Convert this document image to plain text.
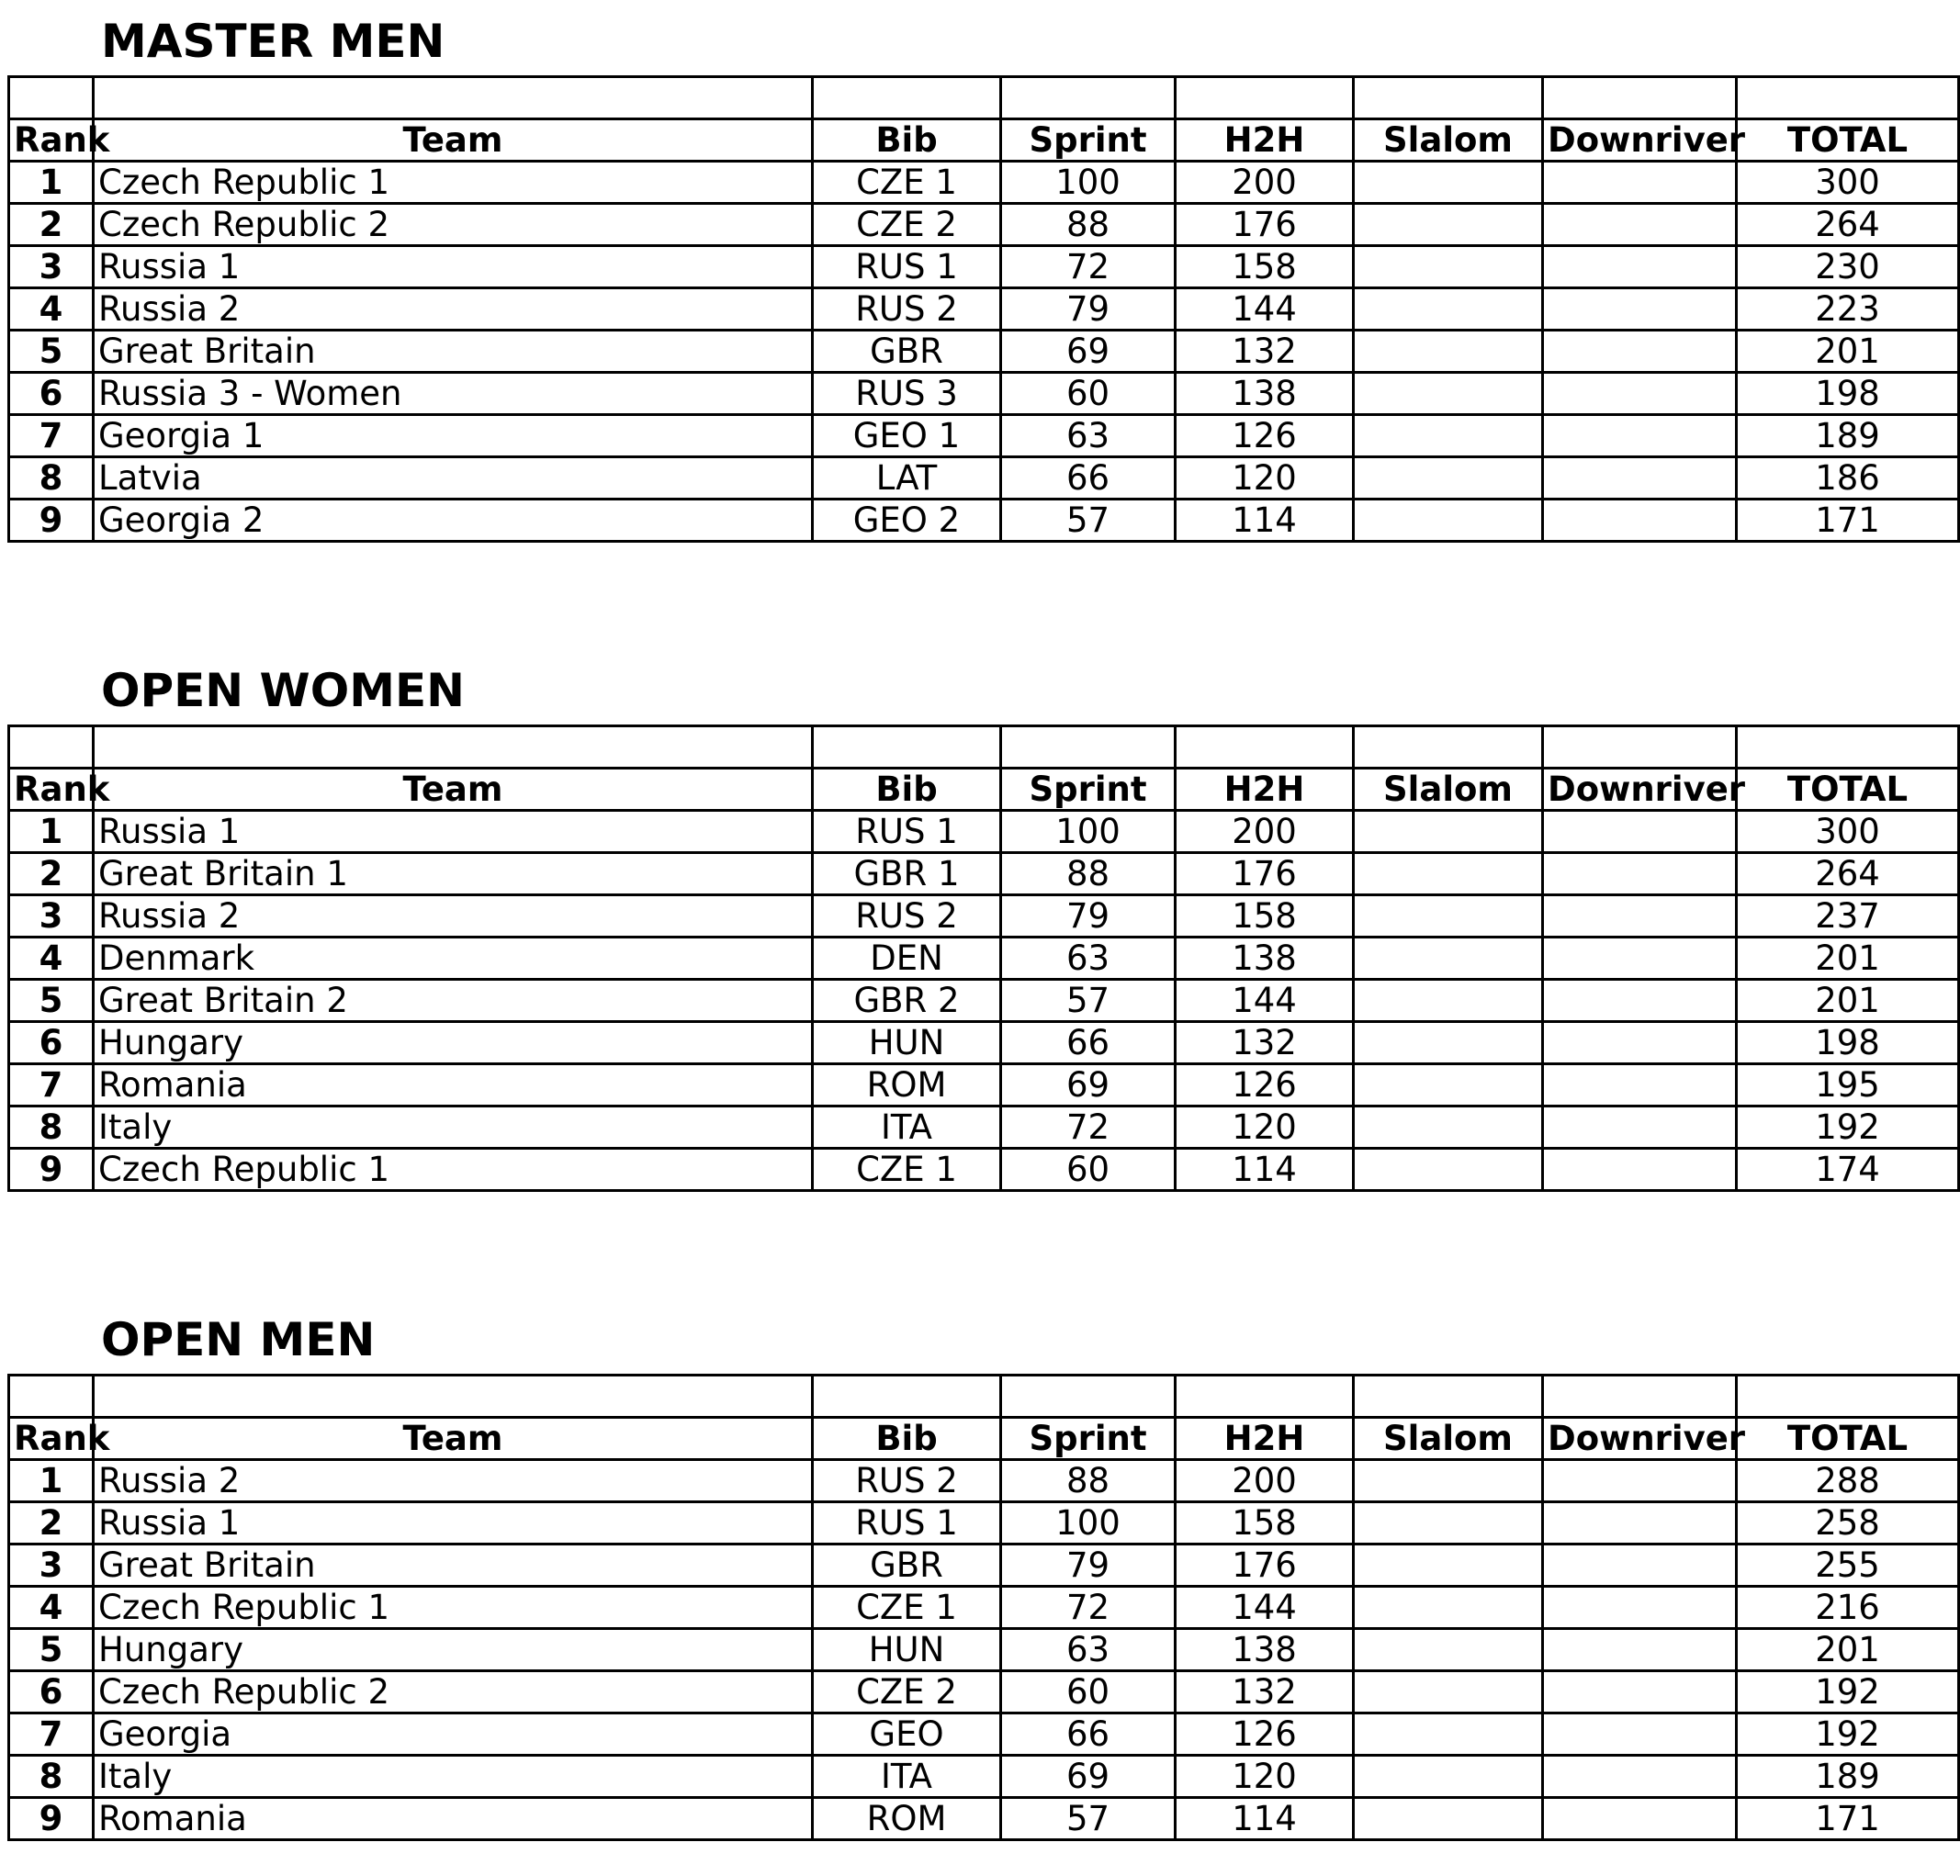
MASTER MEN

Rank	Team	Bib	Sprint	H2H	Slalom	Downriver	TOTAL
1	Czech Republic 1	CZE 1	100	200			300
2	Czech Republic 2	CZE 2	88	176			264
3	Russia 1	RUS 1	72	158			230
4	Russia 2	RUS 2	79	144			223
5	Great Britain	GBR	69	132			201
6	Russia 3 - Women	RUS 3	60	138			198
7	Georgia 1	GEO 1	63	126			189
8	Latvia	LAT	66	120			186
9	Georgia 2	GEO 2	57	114			171
OPEN WOMEN

Rank	Team	Bib	Sprint	H2H	Slalom	Downriver	TOTAL
1	Russia 1	RUS 1	100	200			300
2	Great Britain 1	GBR 1	88	176			264
3	Russia 2	RUS 2	79	158			237
4	Denmark	DEN	63	138			201
5	Great Britain 2	GBR 2	57	144			201
6	Hungary	HUN	66	132			198
7	Romania	ROM	69	126			195
8	Italy	ITA	72	120			192
9	Czech Republic 1	CZE 1	60	114			174
OPEN MEN

Rank	Team	Bib	Sprint	H2H	Slalom	Downriver	TOTAL
1	Russia 2	RUS 2	88	200			288
2	Russia 1	RUS 1	100	158			258
3	Great Britain	GBR	79	176			255
4	Czech Republic 1	CZE 1	72	144			216
5	Hungary	HUN	63	138			201
6	Czech Republic 2	CZE 2	60	132			192
7	Georgia	GEO	66	126			192
8	Italy	ITA	69	120			189
9	Romania	ROM	57	114			171
